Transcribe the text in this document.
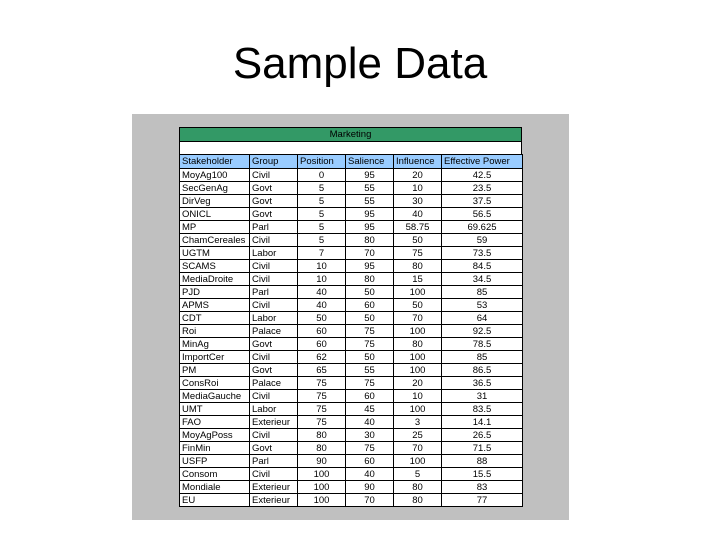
Sample Data
Marketing
Stakeholder	Group	Position	Salience	Influence	Effective Power
MoyAg100	Civil	0	95	20	42.5
SecGenAg	Govt	5	55	10	23.5
DirVeg	Govt	5	55	30	37.5
ONICL	Govt	5	95	40	56.5
MP	Parl	5	95	58.75	69.625
ChamCereales	Civil	5	80	50	59
UGTM	Labor	7	70	75	73.5
SCAMS	Civil	10	95	80	84.5
MediaDroite	Civil	10	80	15	34.5
PJD	Parl	40	50	100	85
APMS	Civil	40	60	50	53
CDT	Labor	50	50	70	64
Roi	Palace	60	75	100	92.5
MinAg	Govt	60	75	80	78.5
ImportCer	Civil	62	50	100	85
PM	Govt	65	55	100	86.5
ConsRoi	Palace	75	75	20	36.5
MediaGauche	Civil	75	60	10	31
UMT	Labor	75	45	100	83.5
FAO	Exterieur	75	40	3	14.1
MoyAgPoss	Civil	80	30	25	26.5
FinMin	Govt	80	75	70	71.5
USFP	Parl	90	60	100	88
Consom	Civil	100	40	5	15.5
Mondiale	Exterieur	100	90	80	83
EU	Exterieur	100	70	80	77
